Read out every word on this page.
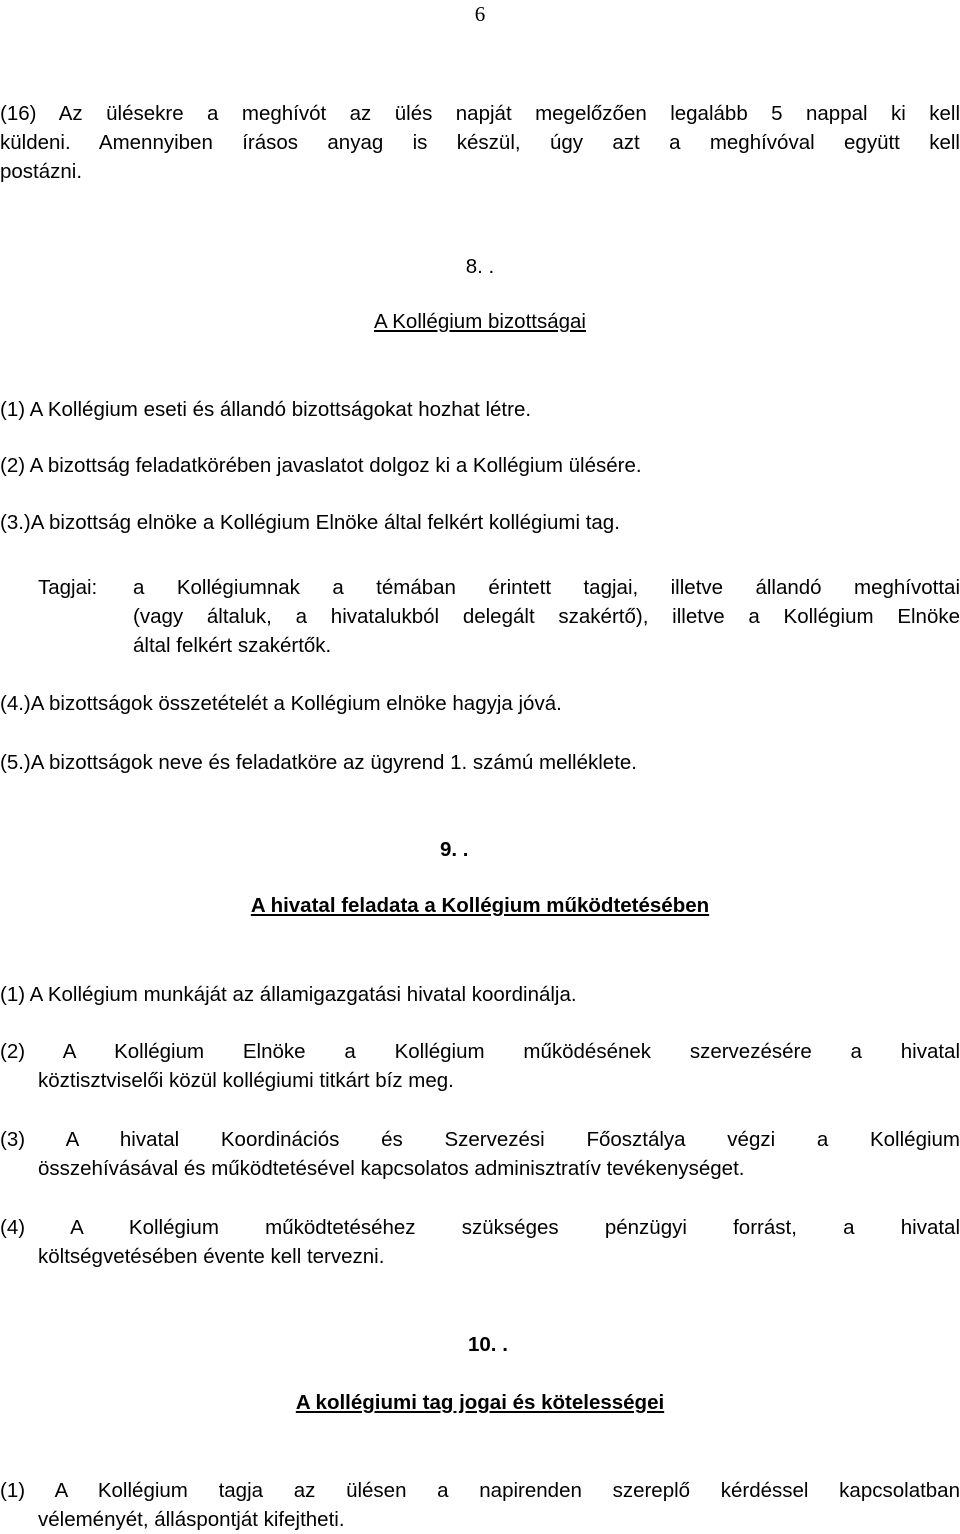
6
(16) Az ülésekre a meghívót az ülés napját megelőzően legalább 5 nappal ki kell
küldeni. Amennyiben írásos anyag is készül, úgy azt a meghívóval együtt kell
postázni.
8. .
A Kollégium bizottságai
(1) A Kollégium eseti és állandó bizottságokat hozhat létre.
(2) A bizottság feladatkörében javaslatot dolgoz ki a Kollégium ülésére.
(3.)A bizottság elnöke a Kollégium Elnöke által felkért kollégiumi tag.
Tagjai: a Kollégiumnak a témában érintett tagjai, illetve állandó meghívottai
(vagy általuk, a hivatalukból delegált szakértő), illetve a Kollégium Elnöke
által felkért szakértők.
(4.)A bizottságok összetételét a Kollégium elnöke hagyja jóvá.
(5.)A bizottságok neve és feladatköre az ügyrend 1. számú melléklete.
9. .
A hivatal feladata a Kollégium működtetésében
(1) A Kollégium munkáját az államigazgatási hivatal koordinálja.
(2) A Kollégium Elnöke a Kollégium működésének szervezésére a hivatal
köztisztviselői közül kollégiumi titkárt bíz meg.
(3) A hivatal Koordinációs és Szervezési Főosztálya végzi a Kollégium
összehívásával és működtetésével kapcsolatos adminisztratív tevékenységet.
(4) A Kollégium működtetéséhez szükséges pénzügyi forrást, a hivatal
költségvetésében évente kell tervezni.
10. .
A kollégiumi tag jogai és kötelességei
(1) A Kollégium tagja az ülésen a napirenden szereplő kérdéssel kapcsolatban
véleményét, álláspontját kifejtheti.
